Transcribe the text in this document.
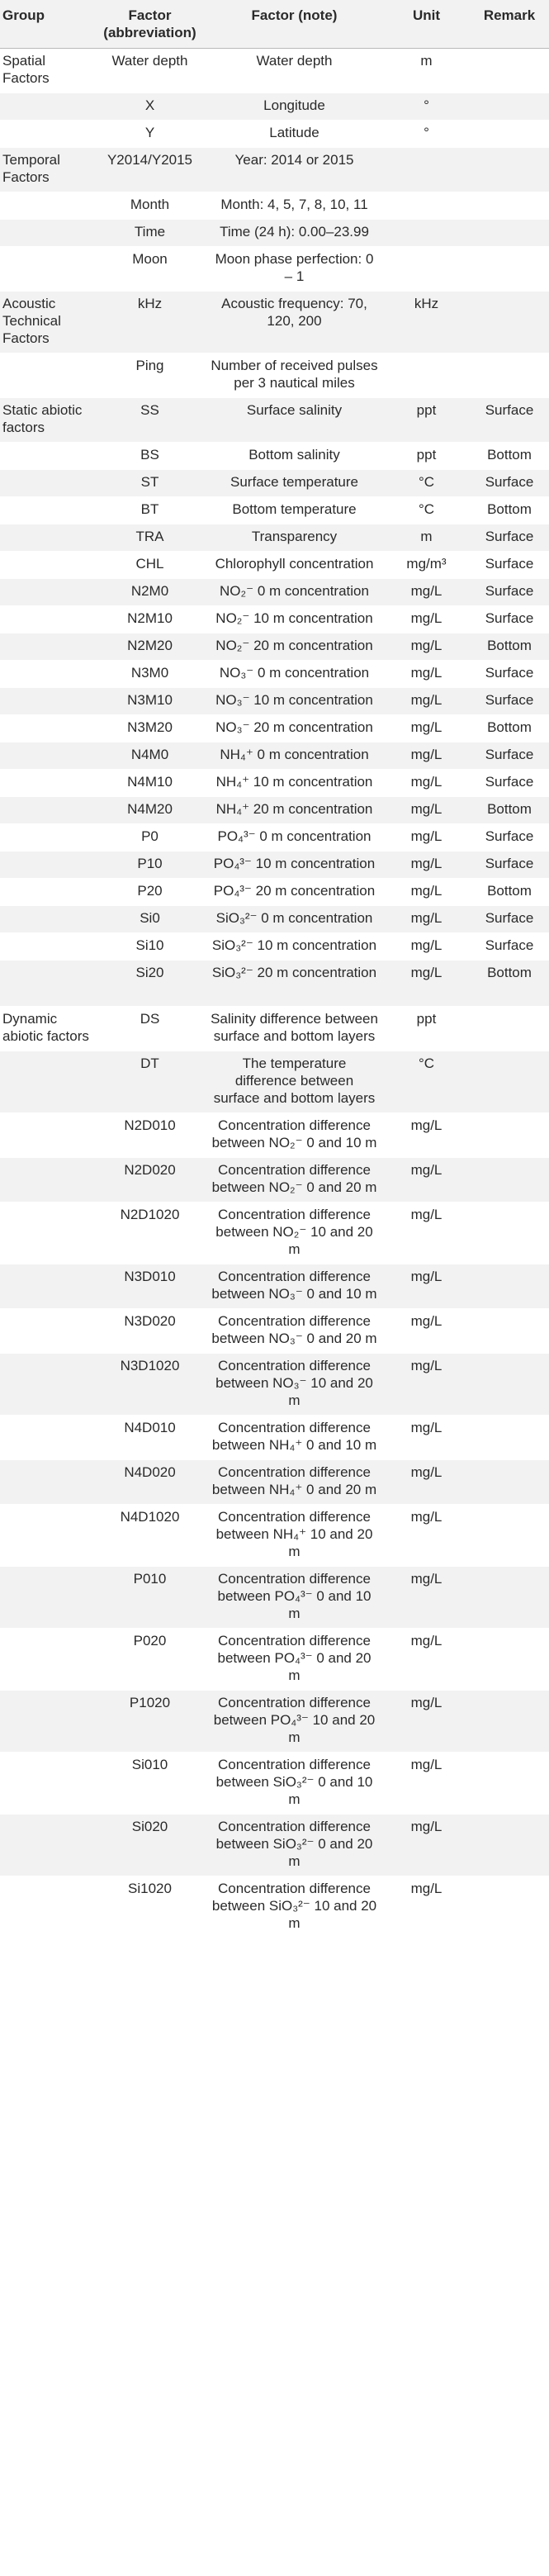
Group	Factor (abbreviation)	Factor (note)	Unit	Remark
Spatial Factors	Water depth	Water depth	m	
	X	Longitude	°	
	Y	Latitude	°	
Temporal Factors	Y2014/Y2015	Year: 2014 or 2015		
	Month	Month: 4, 5, 7, 8, 10, 11		
	Time	Time (24 h): 0.00–23.99		
	Moon	Moon phase perfection: 0 – 1		
Acoustic Technical Factors	kHz	Acoustic frequency: 70, 120, 200	kHz	
	Ping	Number of received pulses per 3 nautical miles		
Static abiotic factors	SS	Surface salinity	ppt	Surface
	BS	Bottom salinity	ppt	Bottom
	ST	Surface temperature	°C	Surface
	BT	Bottom temperature	°C	Bottom
	TRA	Transparency	m	Surface
	CHL	Chlorophyll concentration	mg/m³	Surface
	N2M0	NO₂⁻ 0 m concentration	mg/L	Surface
	N2M10	NO₂⁻ 10 m concentration	mg/L	Surface
	N2M20	NO₂⁻ 20 m concentration	mg/L	Bottom
	N3M0	NO₃⁻ 0 m concentration	mg/L	Surface
	N3M10	NO₃⁻ 10 m concentration	mg/L	Surface
	N3M20	NO₃⁻ 20 m concentration	mg/L	Bottom
	N4M0	NH₄⁺ 0 m concentration	mg/L	Surface
	N4M10	NH₄⁺ 10 m concentration	mg/L	Surface
	N4M20	NH₄⁺ 20 m concentration	mg/L	Bottom
	P0	PO₄³⁻ 0 m concentration	mg/L	Surface
	P10	PO₄³⁻ 10 m concentration	mg/L	Surface
	P20	PO₄³⁻ 20 m concentration	mg/L	Bottom
	Si0	SiO₃²⁻ 0 m concentration	mg/L	Surface
	Si10	SiO₃²⁻ 10 m concentration	mg/L	Surface
	Si20	SiO₃²⁻ 20 m concentration	mg/L	Bottom
Dynamic abiotic factors	DS	Salinity difference between surface and bottom layers	ppt	
	DT	The temperature difference between surface and bottom layers	°C	
	N2D010	Concentration difference between NO₂⁻ 0 and 10 m	mg/L	
	N2D020	Concentration difference between NO₂⁻ 0 and 20 m	mg/L	
	N2D1020	Concentration difference between NO₂⁻ 10 and 20 m	mg/L	
	N3D010	Concentration difference between NO₃⁻ 0 and 10 m	mg/L	
	N3D020	Concentration difference between NO₃⁻ 0 and 20 m	mg/L	
	N3D1020	Concentration difference between NO₃⁻ 10 and 20 m	mg/L	
	N4D010	Concentration difference between NH₄⁺ 0 and 10 m	mg/L	
	N4D020	Concentration difference between NH₄⁺ 0 and 20 m	mg/L	
	N4D1020	Concentration difference between NH₄⁺ 10 and 20 m	mg/L	
	P010	Concentration difference between PO₄³⁻ 0 and 10 m	mg/L	
	P020	Concentration difference between PO₄³⁻ 0 and 20 m	mg/L	
	P1020	Concentration difference between PO₄³⁻ 10 and 20 m	mg/L	
	Si010	Concentration difference between SiO₃²⁻ 0 and 10 m	mg/L	
	Si020	Concentration difference between SiO₃²⁻ 0 and 20 m	mg/L	
	Si1020	Concentration difference between SiO₃²⁻ 10 and 20 m	mg/L	
